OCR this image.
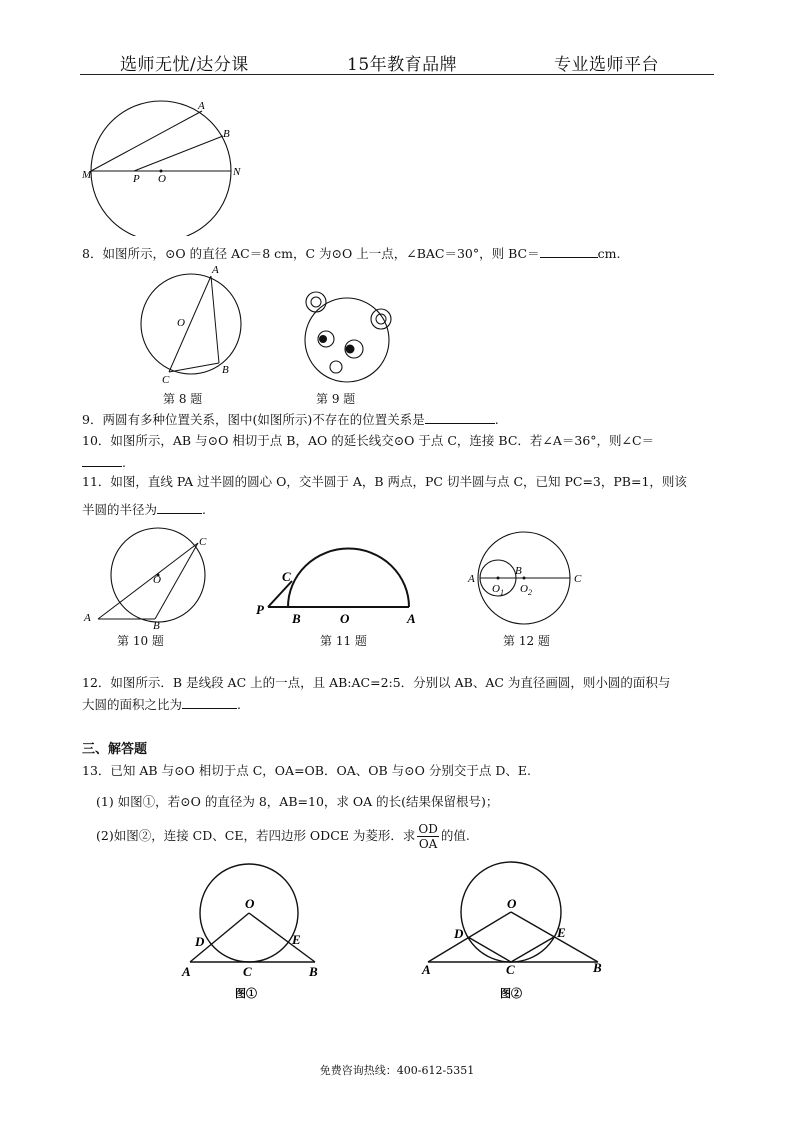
选师无忧/达分课	15年教育品牌	专业选师平台
A
B
M	P O
N
8．如图所示，⊙O 的直径 AC＝8 cm，C 为⊙O 上一点，∠BAC＝30°，则 BC＝	cm.
A
O
C
B
第 8 题	第 9 题
9．两圆有多种位置关系，图中(如图所示)不存在的位置关系是	.
10．如图所示，AB 与⊙O 相切于点 B，AO 的延长线交⊙O 于点 C，连接 BC．若∠A＝36°，则∠C＝
.
11．如图，直线 PA 过半圆的圆心 O，交半圆于 A，B 两点，PC 切半圆与点 C，已知 PC=3，PB=1，则该
半圆的半径为	.
C
O
A
B
第 10 题
C
P
B	O	A
第 11 题
A
B
O 1 O 2
C
第 12 题
12．如图所示．B 是线段 AC 上的一点，且 AB:AC=2:5．分别以 AB、AC 为直径画圆，则小圆的面积与
大圆的面积之比为	.
三、解答题
13．已知 AB 与⊙O 相切于点 C，OA=OB．OA、OB 与⊙O 分别交于点 D、E.
(1) 如图①，若⊙O 的直径为 8，AB=10，求 OA 的长(结果保留根号)；
(2)如图②，连接 CD、CE，若四边形 ODCE 为菱形．求 $\frac{OD}{OA}$ 的值.
O
D	E
A	C	B
图①
O
D	E
A	C	B
图②
免费咨询热线：400-612-5351
